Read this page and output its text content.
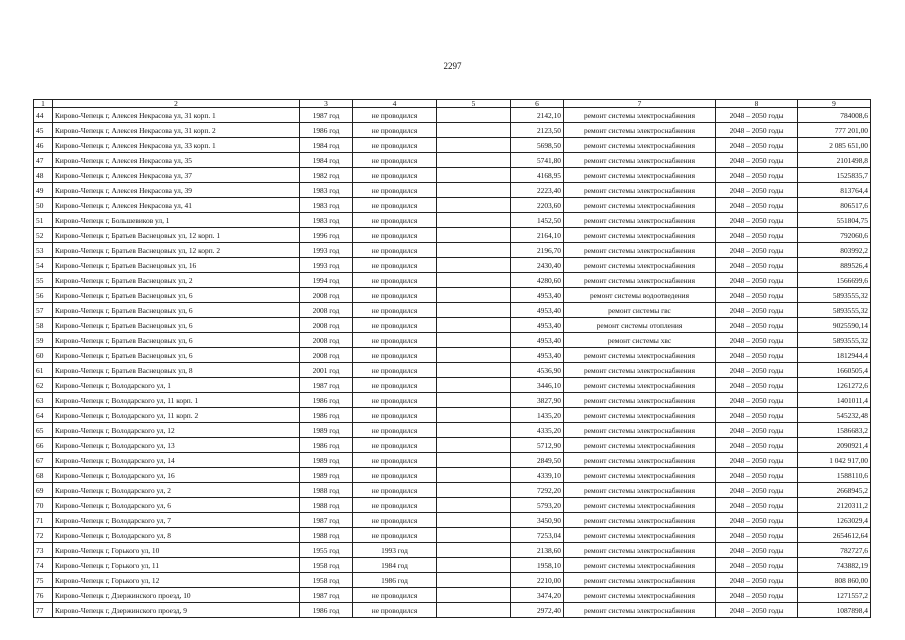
2297
1	2	3	4	5	6	7	8	9
44	Кирово-Чепецк г, Алексея Некрасова ул, 31 корп. 1	1987 год	не проводился		2142,10	ремонт системы электроснабжения	2048 – 2050 годы	784008,6
45	Кирово-Чепецк г, Алексея Некрасова ул, 31 корп. 2	1986 год	не проводился		2123,50	ремонт системы электроснабжения	2048 – 2050 годы	777 201,00
46	Кирово-Чепецк г, Алексея Некрасова ул, 33 корп. 1	1984 год	не проводился		5698,50	ремонт системы электроснабжения	2048 – 2050 годы	2 085 651,00
47	Кирово-Чепецк г, Алексея Некрасова ул, 35	1984 год	не проводился		5741,80	ремонт системы электроснабжения	2048 – 2050 годы	2101498,8
48	Кирово-Чепецк г, Алексея Некрасова ул, 37	1982 год	не проводился		4168,95	ремонт системы электроснабжения	2048 – 2050 годы	1525835,7
49	Кирово-Чепецк г, Алексея Некрасова ул, 39	1983 год	не проводился		2223,40	ремонт системы электроснабжения	2048 – 2050 годы	813764,4
50	Кирово-Чепецк г, Алексея Некрасова ул, 41	1983 год	не проводился		2203,60	ремонт системы электроснабжения	2048 – 2050 годы	806517,6
51	Кирово-Чепецк г, Большевиков ул, 1	1983 год	не проводился		1452,50	ремонт системы электроснабжения	2048 – 2050 годы	551804,75
52	Кирово-Чепецк г, Братьев Васнецовых ул, 12 корп. 1	1996 год	не проводился		2164,10	ремонт системы электроснабжения	2048 – 2050 годы	792060,6
53	Кирово-Чепецк г, Братьев Васнецовых ул, 12 корп. 2	1993 год	не проводился		2196,70	ремонт системы электроснабжения	2048 – 2050 годы	803992,2
54	Кирово-Чепецк г, Братьев Васнецовых ул, 16	1993 год	не проводился		2430,40	ремонт системы электроснабжения	2048 – 2050 годы	889526,4
55	Кирово-Чепецк г, Братьев Васнецовых ул, 2	1994 год	не проводился		4280,60	ремонт системы электроснабжения	2048 – 2050 годы	1566699,6
56	Кирово-Чепецк г, Братьев Васнецовых ул, 6	2008 год	не проводился		4953,40	ремонт системы водоотведения	2048 – 2050 годы	5893555,32
57	Кирово-Чепецк г, Братьев Васнецовых ул, 6	2008 год	не проводился		4953,40	ремонт системы гвс	2048 – 2050 годы	5893555,32
58	Кирово-Чепецк г, Братьев Васнецовых ул, 6	2008 год	не проводился		4953,40	ремонт системы отопления	2048 – 2050 годы	9025590,14
59	Кирово-Чепецк г, Братьев Васнецовых ул, 6	2008 год	не проводился		4953,40	ремонт системы хвс	2048 – 2050 годы	5893555,32
60	Кирово-Чепецк г, Братьев Васнецовых ул, 6	2008 год	не проводился		4953,40	ремонт системы электроснабжения	2048 – 2050 годы	1812944,4
61	Кирово-Чепецк г, Братьев Васнецовых ул, 8	2001 год	не проводился		4536,90	ремонт системы электроснабжения	2048 – 2050 годы	1660505,4
62	Кирово-Чепецк г, Володарского ул, 1	1987 год	не проводился		3446,10	ремонт системы электроснабжения	2048 – 2050 годы	1261272,6
63	Кирово-Чепецк г, Володарского ул, 11 корп. 1	1986 год	не проводился		3827,90	ремонт системы электроснабжения	2048 – 2050 годы	1401011,4
64	Кирово-Чепецк г, Володарского ул, 11 корп. 2	1986 год	не проводился		1435,20	ремонт системы электроснабжения	2048 – 2050 годы	545232,48
65	Кирово-Чепецк г, Володарского ул, 12	1989 год	не проводился		4335,20	ремонт системы электроснабжения	2048 – 2050 годы	1586683,2
66	Кирово-Чепецк г, Володарского ул, 13	1986 год	не проводился		5712,90	ремонт системы электроснабжения	2048 – 2050 годы	2090921,4
67	Кирово-Чепецк г, Володарского ул, 14	1989 год	не проводился		2849,50	ремонт системы электроснабжения	2048 – 2050 годы	1 042 917,00
68	Кирово-Чепецк г, Володарского ул, 16	1989 год	не проводился		4339,10	ремонт системы электроснабжения	2048 – 2050 годы	1588110,6
69	Кирово-Чепецк г, Володарского ул, 2	1988 год	не проводился		7292,20	ремонт системы электроснабжения	2048 – 2050 годы	2668945,2
70	Кирово-Чепецк г, Володарского ул, 6	1988 год	не проводился		5793,20	ремонт системы электроснабжения	2048 – 2050 годы	2120311,2
71	Кирово-Чепецк г, Володарского ул, 7	1987 год	не проводился		3450,90	ремонт системы электроснабжения	2048 – 2050 годы	1263029,4
72	Кирово-Чепецк г, Володарского ул, 8	1988 год	не проводился		7253,04	ремонт системы электроснабжения	2048 – 2050 годы	2654612,64
73	Кирово-Чепецк г, Горького ул, 10	1955 год	1993 год		2138,60	ремонт системы электроснабжения	2048 – 2050 годы	782727,6
74	Кирово-Чепецк г, Горького ул, 11	1958 год	1984 год		1958,10	ремонт системы электроснабжения	2048 – 2050 годы	743882,19
75	Кирово-Чепецк г, Горького ул, 12	1958 год	1986 год		2210,00	ремонт системы электроснабжения	2048 – 2050 годы	808 860,00
76	Кирово-Чепецк г, Дзержинского проезд, 10	1987 год	не проводился		3474,20	ремонт системы электроснабжения	2048 – 2050 годы	1271557,2
77	Кирово-Чепецк г, Дзержинского проезд, 9	1986 год	не проводился		2972,40	ремонт системы электроснабжения	2048 – 2050 годы	1087898,4
